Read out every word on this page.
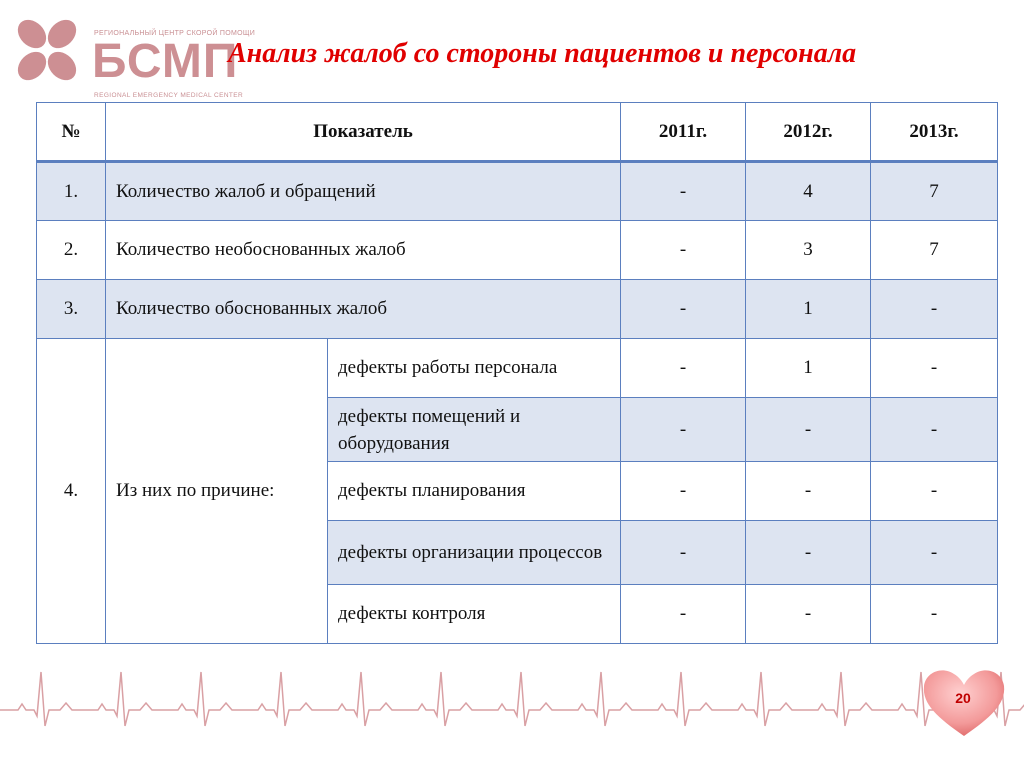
РЕГИОНАЛЬНЫЙ ЦЕНТР СКОРОЙ ПОМОЩИ
БСМП
REGIONAL EMERGENCY MEDICAL CENTER
Анализ жалоб со стороны пациентов и персонала
№	Показатель		2011г.	2012г.	2013г.
1.	Количество жалоб и обращений		-	4	7
2.	Количество необоснованных жалоб		-	3	7
3.	Количество обоснованных жалоб		-	1	-
4.	Из них по причине:	дефекты работы персонала	-	1	-
		дефекты помещений и оборудования	-	-	-
		дефекты планирования	-	-	-
		дефекты организации процессов	-	-	-
		дефекты контроля	-	-	-
20
